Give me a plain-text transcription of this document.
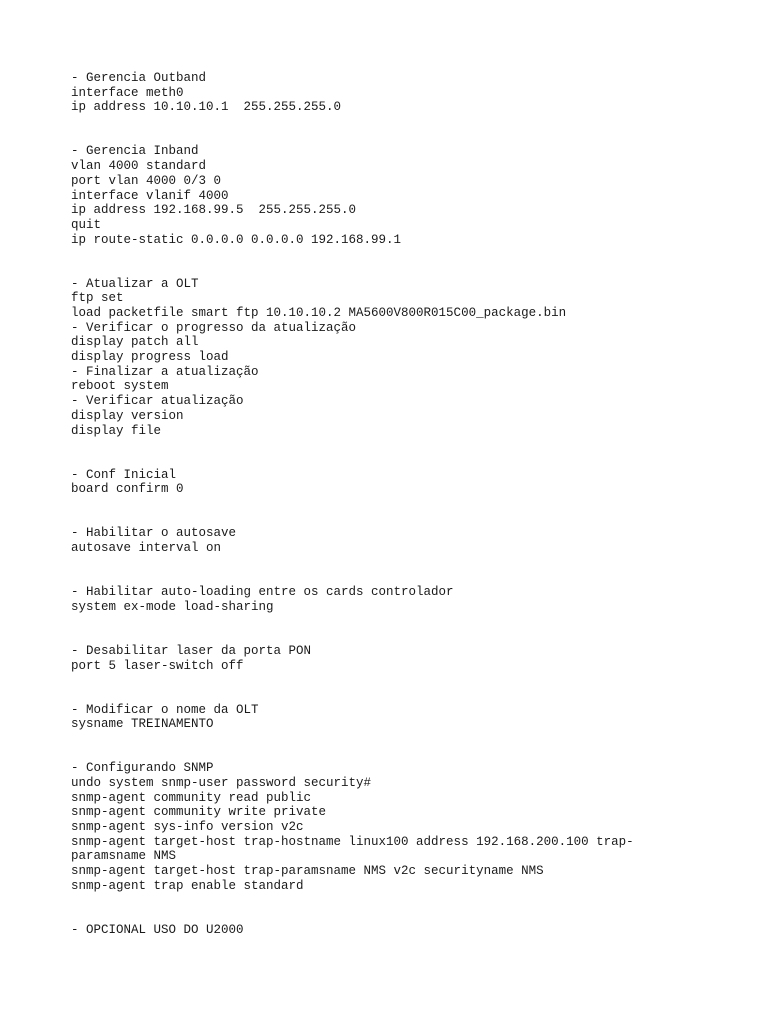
- Gerencia Outband
interface meth0
ip address 10.10.10.1  255.255.255.0
- Gerencia Inband
vlan 4000 standard
port vlan 4000 0/3 0
interface vlanif 4000
ip address 192.168.99.5  255.255.255.0
quit
ip route-static 0.0.0.0 0.0.0.0 192.168.99.1
- Atualizar a OLT
ftp set
load packetfile smart ftp 10.10.10.2 MA5600V800R015C00_package.bin
- Verificar o progresso da atualização
display patch all
display progress load
- Finalizar a atualização
reboot system
- Verificar atualização
display version
display file
- Conf Inicial
board confirm 0
- Habilitar o autosave
autosave interval on
- Habilitar auto-loading entre os cards controlador
system ex-mode load-sharing
- Desabilitar laser da porta PON
port 5 laser-switch off
- Modificar o nome da OLT
sysname TREINAMENTO
- Configurando SNMP
undo system snmp-user password security#
snmp-agent community read public
snmp-agent community write private
snmp-agent sys-info version v2c
snmp-agent target-host trap-hostname linux100 address 192.168.200.100 trap-
paramsname NMS
snmp-agent target-host trap-paramsname NMS v2c securityname NMS
snmp-agent trap enable standard
- OPCIONAL USO DO U2000
